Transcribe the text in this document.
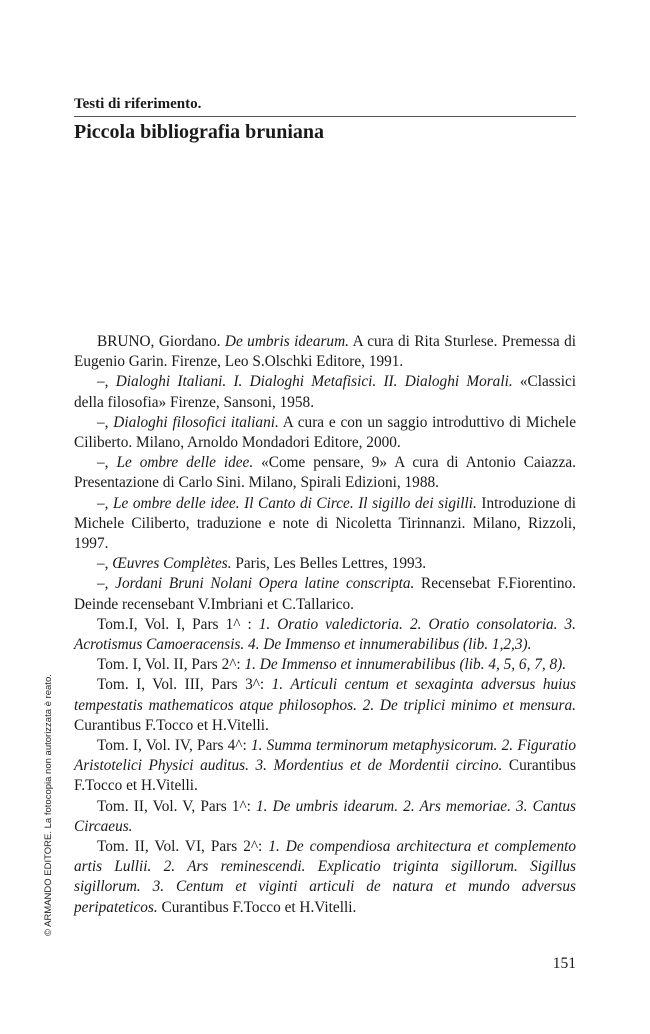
Testi di riferimento.
Piccola bibliografia bruniana

BRUNO, Giordano. De umbris idearum. A cura di Rita Sturlese. Premessa di Eugenio Garin. Firenze, Leo S.Olschki Editore, 1991.

–, Dialoghi Italiani. I. Dialoghi Metafisici. II. Dialoghi Morali. «Classici della filosofia» Firenze, Sansoni, 1958.

–, Dialoghi filosofici italiani. A cura e con un saggio introduttivo di Michele Ciliberto. Milano, Arnoldo Mondadori Editore, 2000.

–, Le ombre delle idee. «Come pensare, 9» A cura di Antonio Caiazza. Presentazione di Carlo Sini. Milano, Spirali Edizioni, 1988.

–, Le ombre delle idee. Il Canto di Circe. Il sigillo dei sigilli. Introduzione di Michele Ciliberto, traduzione e note di Nicoletta Tirinnanzi. Milano, Rizzoli, 1997.

–, Œuvres Complètes. Paris, Les Belles Lettres, 1993.

–, Jordani Bruni Nolani Opera latine conscripta. Recensebat F.Fiorentino. Deinde recensebant V.Imbriani et C.Tallarico.

Tom.I, Vol. I, Pars 1^ : 1. Oratio valedictoria. 2. Oratio consolatoria. 3. Acrotismus Camoeracensis. 4. De Immenso et innumerabilibus (lib. 1,2,3).

Tom. I, Vol. II, Pars 2^: 1. De Immenso et innumerabilibus (lib. 4, 5, 6, 7, 8).

Tom. I, Vol. III, Pars 3^: 1. Articuli centum et sexaginta adversus huius tempestatis mathematicos atque philosophos. 2. De triplici minimo et mensura. Curantibus F.Tocco et H.Vitelli.

Tom. I, Vol. IV, Pars 4^: 1. Summa terminorum metaphysicorum. 2. Figuratio Aristotelici Physici auditus. 3. Mordentius et de Mordentii circino. Curantibus F.Tocco et H.Vitelli.

Tom. II, Vol. V, Pars 1^: 1. De umbris idearum. 2. Ars memoriae. 3. Cantus Circaeus.

Tom. II, Vol. VI, Pars 2^: 1. De compendiosa architectura et complemento artis Lullii. 2. Ars reminescendi. Explicatio triginta sigillorum. Sigillus sigillorum. 3. Centum et viginti articuli de natura et mundo adversus peripateticos. Curantibus F.Tocco et H.Vitelli.

151
© ARMANDO EDITORE. La fotocopia non autorizzata è reato.
